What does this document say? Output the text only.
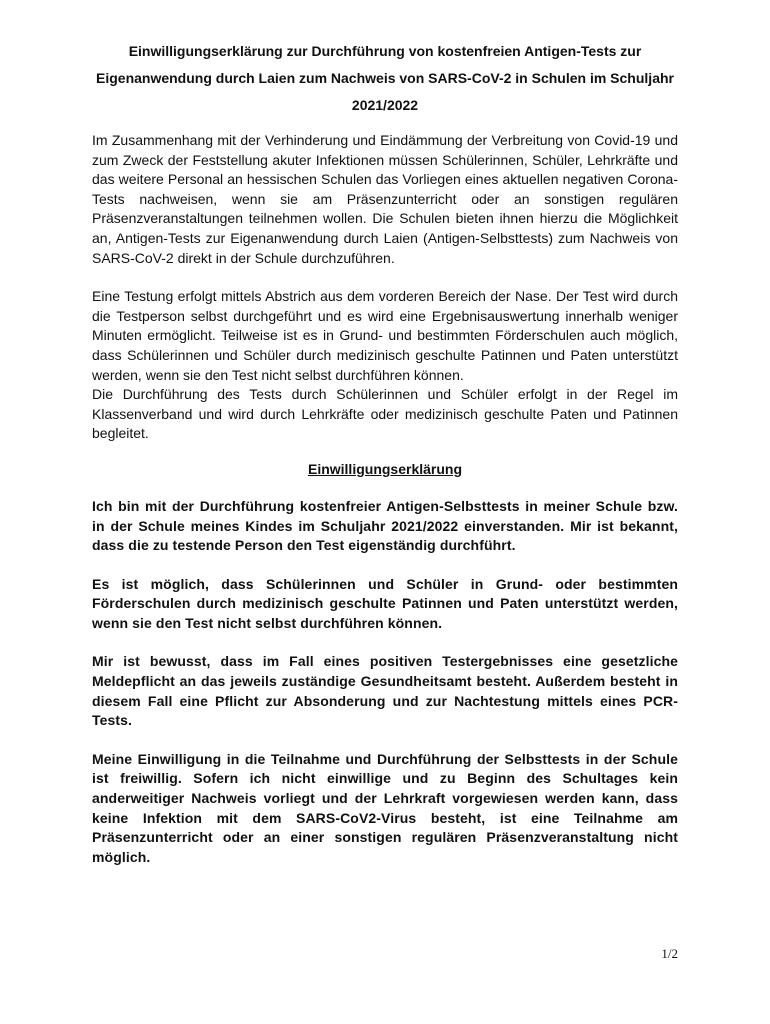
Einwilligungserklärung zur Durchführung von kostenfreien Antigen-Tests zur Eigenanwendung durch Laien zum Nachweis von SARS-CoV-2 in Schulen im Schuljahr 2021/2022

Im Zusammenhang mit der Verhinderung und Eindämmung der Verbreitung von Covid-19 und zum Zweck der Feststellung akuter Infektionen müssen Schülerinnen, Schüler, Lehrkräfte und das weitere Personal an hessischen Schulen das Vorliegen eines aktuellen negativen Corona- Tests nachweisen, wenn sie am Präsenzunterricht oder an sonstigen regulären Präsenzveranstaltungen teilnehmen wollen. Die Schulen bieten ihnen hierzu die Möglichkeit an, Antigen-Tests zur Eigenanwendung durch Laien (Antigen-Selbsttests) zum Nachweis von SARS-CoV-2 direkt in der Schule durchzuführen.

Eine Testung erfolgt mittels Abstrich aus dem vorderen Bereich der Nase. Der Test wird durch die Testperson selbst durchgeführt und es wird eine Ergebnisauswertung innerhalb weniger Minuten ermöglicht. Teilweise ist es in Grund- und bestimmten Förderschulen auch möglich, dass Schülerinnen und Schüler durch medizinisch geschulte Patinnen und Paten unterstützt werden, wenn sie den Test nicht selbst durchführen können.

Die Durchführung des Tests durch Schülerinnen und Schüler erfolgt in der Regel im Klassenverband und wird durch Lehrkräfte oder medizinisch geschulte Paten und Patinnen begleitet.

Einwilligungserklärung

Ich bin mit der Durchführung kostenfreier Antigen-Selbsttests in meiner Schule bzw. in der Schule meines Kindes im Schuljahr 2021/2022 einverstanden. Mir ist bekannt, dass die zu testende Person den Test eigenständig durchführt.

Es ist möglich, dass Schülerinnen und Schüler in Grund- oder bestimmten Förderschulen durch medizinisch geschulte Patinnen und Paten unterstützt werden, wenn sie den Test nicht selbst durchführen können.

Mir ist bewusst, dass im Fall eines positiven Testergebnisses eine gesetzliche Meldepflicht an das jeweils zuständige Gesundheitsamt besteht. Außerdem besteht in diesem Fall eine Pflicht zur Absonderung und zur Nachtestung mittels eines PCR-Tests.

Meine Einwilligung in die Teilnahme und Durchführung der Selbsttests in der Schule ist freiwillig. Sofern ich nicht einwillige und zu Beginn des Schultages kein anderweitiger Nachweis vorliegt und der Lehrkraft vorgewiesen werden kann, dass keine Infektion mit dem SARS-CoV2-Virus besteht, ist eine Teilnahme am Präsenzunterricht oder an einer sonstigen regulären Präsenzveranstaltung nicht möglich.

1/2
